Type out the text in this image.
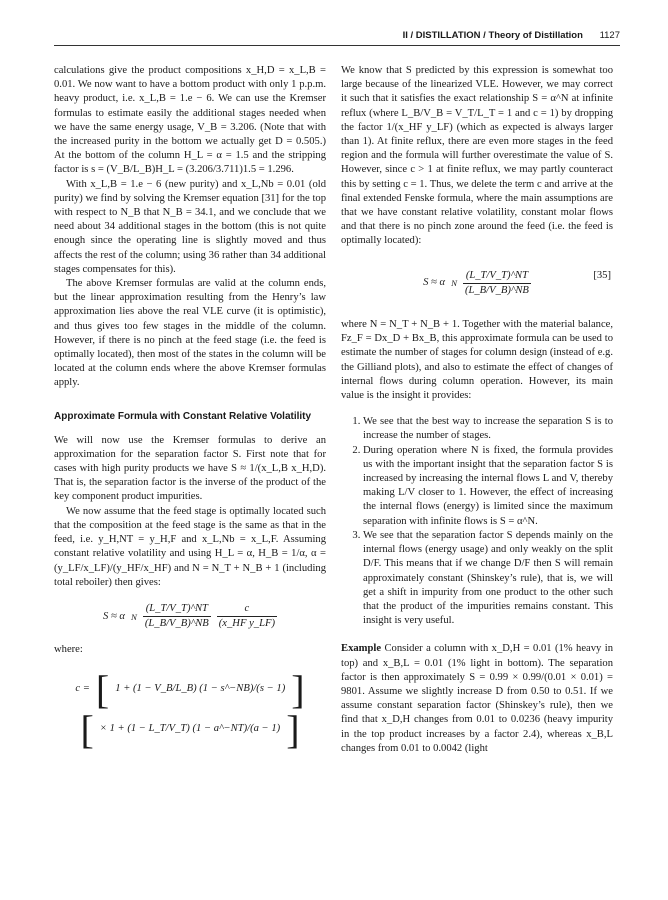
II / DISTILLATION / Theory of Distillation 1127

calculations give the product compositions x_H,D = x_L,B = 0.01. We now want to have a bottom product with only 1 p.p.m. heavy product, i.e. x_L,B = 1.e − 6. We can use the Kremser formulas to estimate easily the additional stages needed when we have the same energy usage, V_B = 3.206. (Note that with the increased purity in the bottom we actually get D = 0.505.) At the bottom of the column H_L = α = 1.5 and the stripping factor is s = (V_B/L_B)H_L = (3.206/3.711)1.5 = 1.296.

With x_L,B = 1.e − 6 (new purity) and x_L,Nb = 0.01 (old purity) we find by solving the Kremser equation [31] for the top with respect to N_B that N_B = 34.1, and we conclude that we need about 34 additional stages in the bottom (this is not quite enough since the operating line is slightly moved and thus affects the rest of the column; using 36 rather than 34 additional stages compensates for this).

The above Kremser formulas are valid at the column ends, but the linear approximation resulting from the Henry’s law approximation lies above the real VLE curve (it is optimistic), and thus gives too few stages in the middle of the column. However, if there is no pinch at the feed stage (i.e. the feed is optimally located), then most of the states in the column will be located at the column ends where the above Kremser formulas apply.

Approximate Formula with Constant Relative Volatility

We will now use the Kremser formulas to derive an approximation for the separation factor S. First note that for cases with high purity products we have S ≈ 1/(x_L,B x_H,D). That is, the separation factor is the inverse of the product of the key component product impurities.

We now assume that the feed stage is optimally located such that the composition at the feed stage is the same as that in the feed, i.e. y_H,NT = y_H,F and x_L,Nb = x_L,F. Assuming constant relative volatility and using H_L = α, H_B = 1/α, α = (y_LF/x_LF)/(y_HF/x_HF) and N = N_T + N_B + 1 (including total reboiler) then gives:

S ≈ α N $\frac{(L\_T/V\_T)\^{}NT}{(L\_B/V\_B)\^{}NB} \frac{c}{\text{(x\_HF y\_LF)}}$

where:

c = [ 1 + (1 − V_B/L_B) (1 − s^−NB)/(s − 1) ]
[ × 1 + (1 − L_T/V_T) (1 − a^−NT)/(a − 1) ]

We know that S predicted by this expression is somewhat too large because of the linearized VLE. However, we may correct it such that it satisfies the exact relationship S = α^N at infinite reflux (where L_B/V_B = V_T/L_T = 1 and c = 1) by dropping the factor 1/(x_HF y_LF) (which as expected is always larger than 1). At finite reflux, there are even more stages in the feed region and the formula will further overestimate the value of S. However, since c > 1 at finite reflux, we may partly counteract this by setting c = 1. Thus, we delete the term c and arrive at the final extended Fenske formula, where the main assumptions are that we have constant relative volatility, constant molar flows and that there is no pinch zone around the feed (i.e. the feed is optimally located):

S ≈ α N $\frac{(L\_T/V\_T)\^{}NT}{(L\_B/V\_B)\^{}NB}$	[35]

where N = N_T + N_B + 1. Together with the material balance, Fz_F = Dx_D + Bx_B, this approximate formula can be used to estimate the number of stages for column design (instead of e.g. the Gilliand plots), and also to estimate the effect of changes of internal flows during column operation. However, its main value is the insight it provides:

1. We see that the best way to increase the separation S is to increase the number of stages.
2. During operation where N is fixed, the formula provides us with the important insight that the separation factor S is increased by increasing the internal flows L and V, thereby making L/V closer to 1. However, the effect of increasing the internal flows (energy) is limited since the maximum separation with infinite flows is S = α^N.
3. We see that the separation factor S depends mainly on the internal flows (energy usage) and only weakly on the split D/F. This means that if we change D/F then S will remain approximately constant (Shinskey’s rule), that is, we will get a shift in impurity from one product to the other such that the product of the impurities remains constant. This insight is very useful.

Example Consider a column with x_D,H = 0.01 (1% heavy in top) and x_B,L = 0.01 (1% light in bottom). The separation factor is then approximately S = 0.99 × 0.99/(0.01 × 0.01) = 9801. Assume we slightly increase D from 0.50 to 0.51. If we assume constant separation factor (Shinskey’s rule), then we find that x_D,H changes from 0.01 to 0.0236 (heavy impurity in the top product increases by a factor 2.4), whereas x_B,L changes from 0.01 to 0.0042 (light
